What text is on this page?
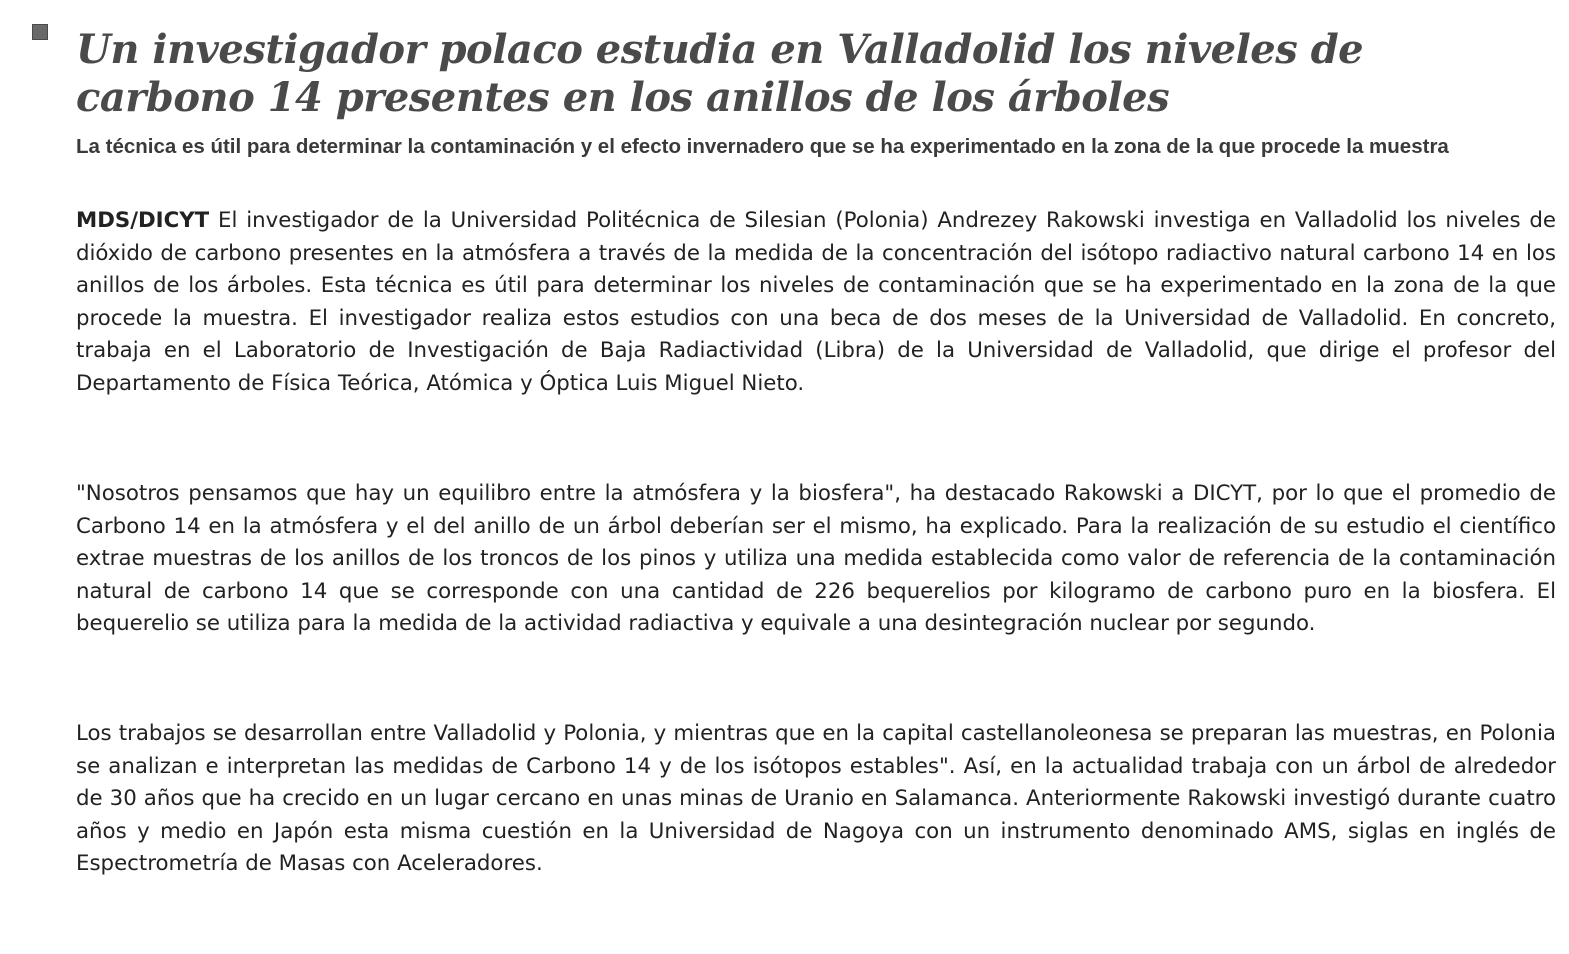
Un investigador polaco estudia en Valladolid los niveles de carbono 14 presentes en los anillos de los árboles

La técnica es útil para determinar la contaminación y el efecto invernadero que se ha experimentado en la zona de la que procede la muestra

MDS/DICYT El investigador de la Universidad Politécnica de Silesian (Polonia) Andrezey Rakowski investiga en Valladolid los niveles de dióxido de carbono presentes en la atmósfera a través de la medida de la concentración del isótopo radiactivo natural carbono 14 en los anillos de los árboles. Esta técnica es útil para determinar los niveles de contaminación que se ha experimentado en la zona de la que procede la muestra. El investigador realiza estos estudios con una beca de dos meses de la Universidad de Valladolid. En concreto, trabaja en el Laboratorio de Investigación de Baja Radiactividad (Libra) de la Universidad de Valladolid, que dirige el profesor del Departamento de Física Teórica, Atómica y Óptica Luis Miguel Nieto.

"Nosotros pensamos que hay un equilibro entre la atmósfera y la biosfera", ha destacado Rakowski a DICYT, por lo que el promedio de Carbono 14 en la atmósfera y el del anillo de un árbol deberían ser el mismo, ha explicado. Para la realización de su estudio el científico extrae muestras de los anillos de los troncos de los pinos y utiliza una medida establecida como valor de referencia de la contaminación natural de carbono 14 que se corresponde con una cantidad de 226 bequerelios por kilogramo de carbono puro en la biosfera. El bequerelio se utiliza para la medida de la actividad radiactiva y equivale a una desintegración nuclear por segundo.

Los trabajos se desarrollan entre Valladolid y Polonia, y mientras que en la capital castellanoleonesa se preparan las muestras, en Polonia se analizan e interpretan las medidas de Carbono 14 y de los isótopos estables". Así, en la actualidad trabaja con un árbol de alrededor de 30 años que ha crecido en un lugar cercano en unas minas de Uranio en Salamanca. Anteriormente Rakowski investigó durante cuatro años y medio en Japón esta misma cuestión en la Universidad de Nagoya con un instrumento denominado AMS, siglas en inglés de Espectrometría de Masas con Aceleradores.
